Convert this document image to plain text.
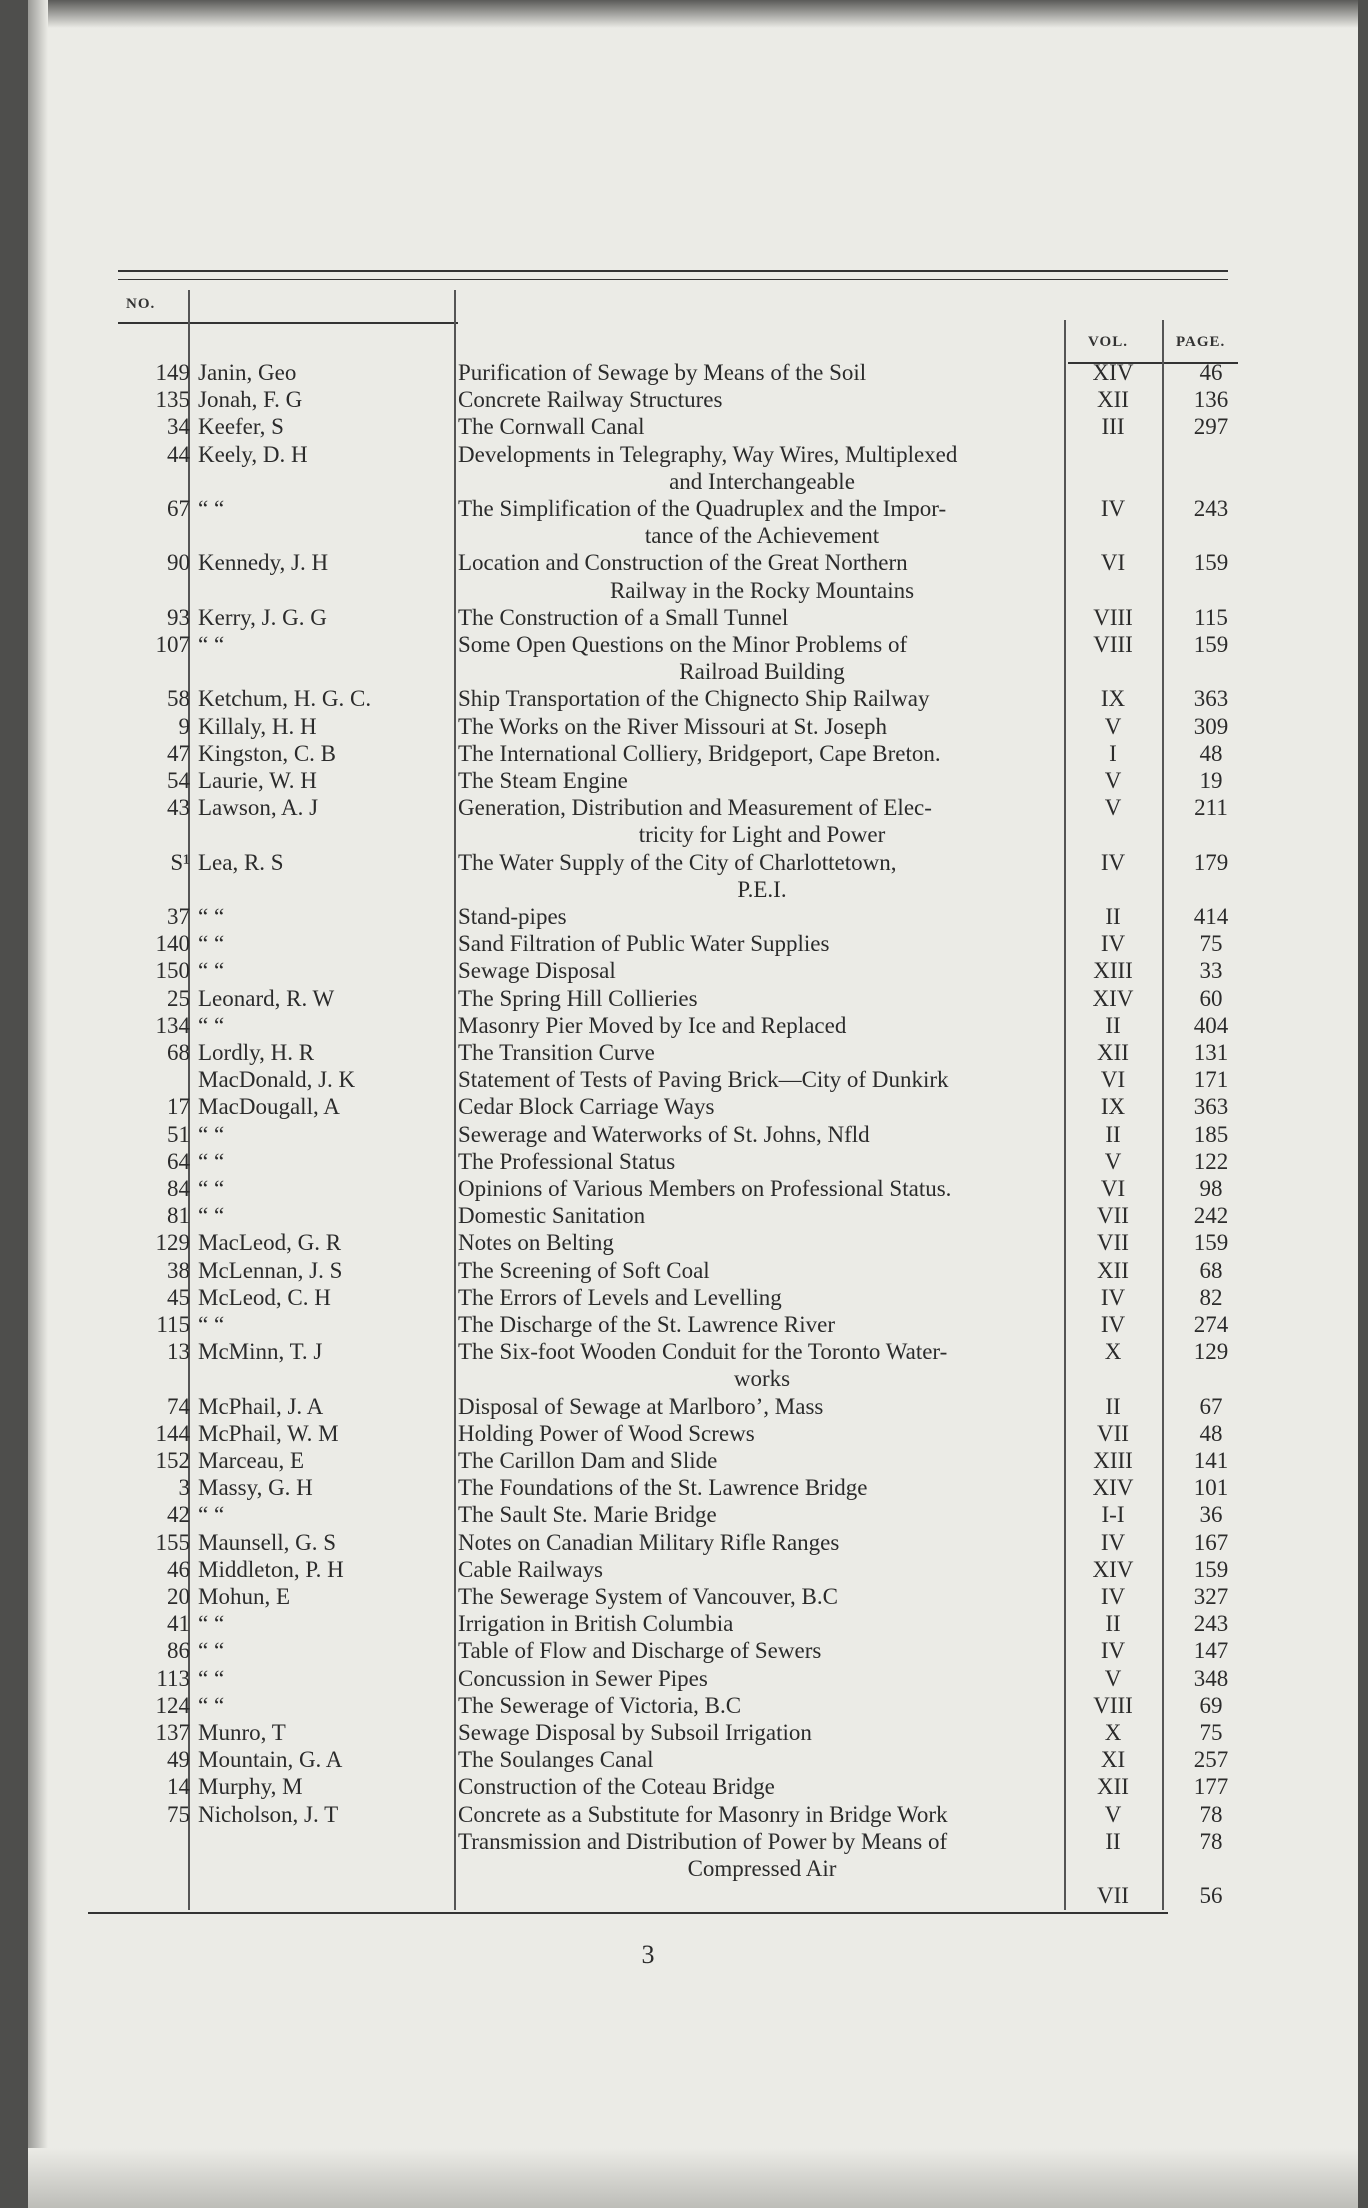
NO.
VOL.	PAGE.
149 Janin, Geo	Purification of Sewage by Means of the Soil	XIV	46
135 Jonah, F. G	Concrete Railway Structures	XII	136
34 Keefer, S	The Cornwall Canal	III	297
44 Keely, D. H	Developments in Telegraphy, Way Wires, Multiplexed
and Interchangeable
67 “ “	The Simplification of the Quadruplex and the Impor-	IV	243
tance of the Achievement
90 Kennedy, J. H	Location and Construction of the Great Northern	VI	159
Railway in the Rocky Mountains
93 Kerry, J. G. G	The Construction of a Small Tunnel	VIII	115
107 “ “	Some Open Questions on the Minor Problems of	VIII	159
Railroad Building
58 Ketchum, H. G. C.	Ship Transportation of the Chignecto Ship Railway	IX	363
9 Killaly, H. H	The Works on the River Missouri at St. Joseph	V	309
47 Kingston, C. B	The International Colliery, Bridgeport, Cape Breton.	I	48
54 Laurie, W. H	The Steam Engine	V	19
43 Lawson, A. J	Generation, Distribution and Measurement of Elec-	V	211
tricity for Light and Power
S¹ Lea, R. S	The Water Supply of the City of Charlottetown,	IV	179
P.E.I.
37 “ “	Stand-pipes	II	414
140 “ “	Sand Filtration of Public Water Supplies	IV	75
150 “ “	Sewage Disposal	XIII	33
25 Leonard, R. W	The Spring Hill Collieries	XIV	60
134 “ “	Masonry Pier Moved by Ice and Replaced	II	404
68 Lordly, H. R	The Transition Curve	XII	131
MacDonald, J. K	Statement of Tests of Paving Brick—City of Dunkirk	VI	171
17 MacDougall, A	Cedar Block Carriage Ways	IX	363
51 “ “	Sewerage and Waterworks of St. Johns, Nfld	II	185
64 “ “	The Professional Status	V	122
84 “ “	Opinions of Various Members on Professional Status.	VI	98
81 “ “	Domestic Sanitation	VII	242
129 MacLeod, G. R	Notes on Belting	VII	159
38 McLennan, J. S	The Screening of Soft Coal	XII	68
45 McLeod, C. H	The Errors of Levels and Levelling	IV	82
115 “ “	The Discharge of the St. Lawrence River	IV	274
13 McMinn, T. J	The Six-foot Wooden Conduit for the Toronto Water-	X	129
works
74 McPhail, J. A	Disposal of Sewage at Marlboro’, Mass	II	67
144 McPhail, W. M	Holding Power of Wood Screws	VII	48
152 Marceau, E	The Carillon Dam and Slide	XIII	141
3 Massy, G. H	The Foundations of the St. Lawrence Bridge	XIV	101
42 “ “	The Sault Ste. Marie Bridge	I-I	36
155 Maunsell, G. S	Notes on Canadian Military Rifle Ranges	IV	167
46 Middleton, P. H	Cable Railways	XIV	159
20 Mohun, E	The Sewerage System of Vancouver, B.C	IV	327
41 “ “	Irrigation in British Columbia	II	243
86 “ “	Table of Flow and Discharge of Sewers	IV	147
113 “ “	Concussion in Sewer Pipes	V	348
124 “ “	The Sewerage of Victoria, B.C	VIII	69
137 Munro, T	Sewage Disposal by Subsoil Irrigation	X	75
49 Mountain, G. A	The Soulanges Canal	XI	257
14 Murphy, M	Construction of the Coteau Bridge	XII	177
75 Nicholson, J. T	Concrete as a Substitute for Masonry in Bridge Work	V	78
Transmission and Distribution of Power by Means of	II	78
Compressed Air
VII	56
3
